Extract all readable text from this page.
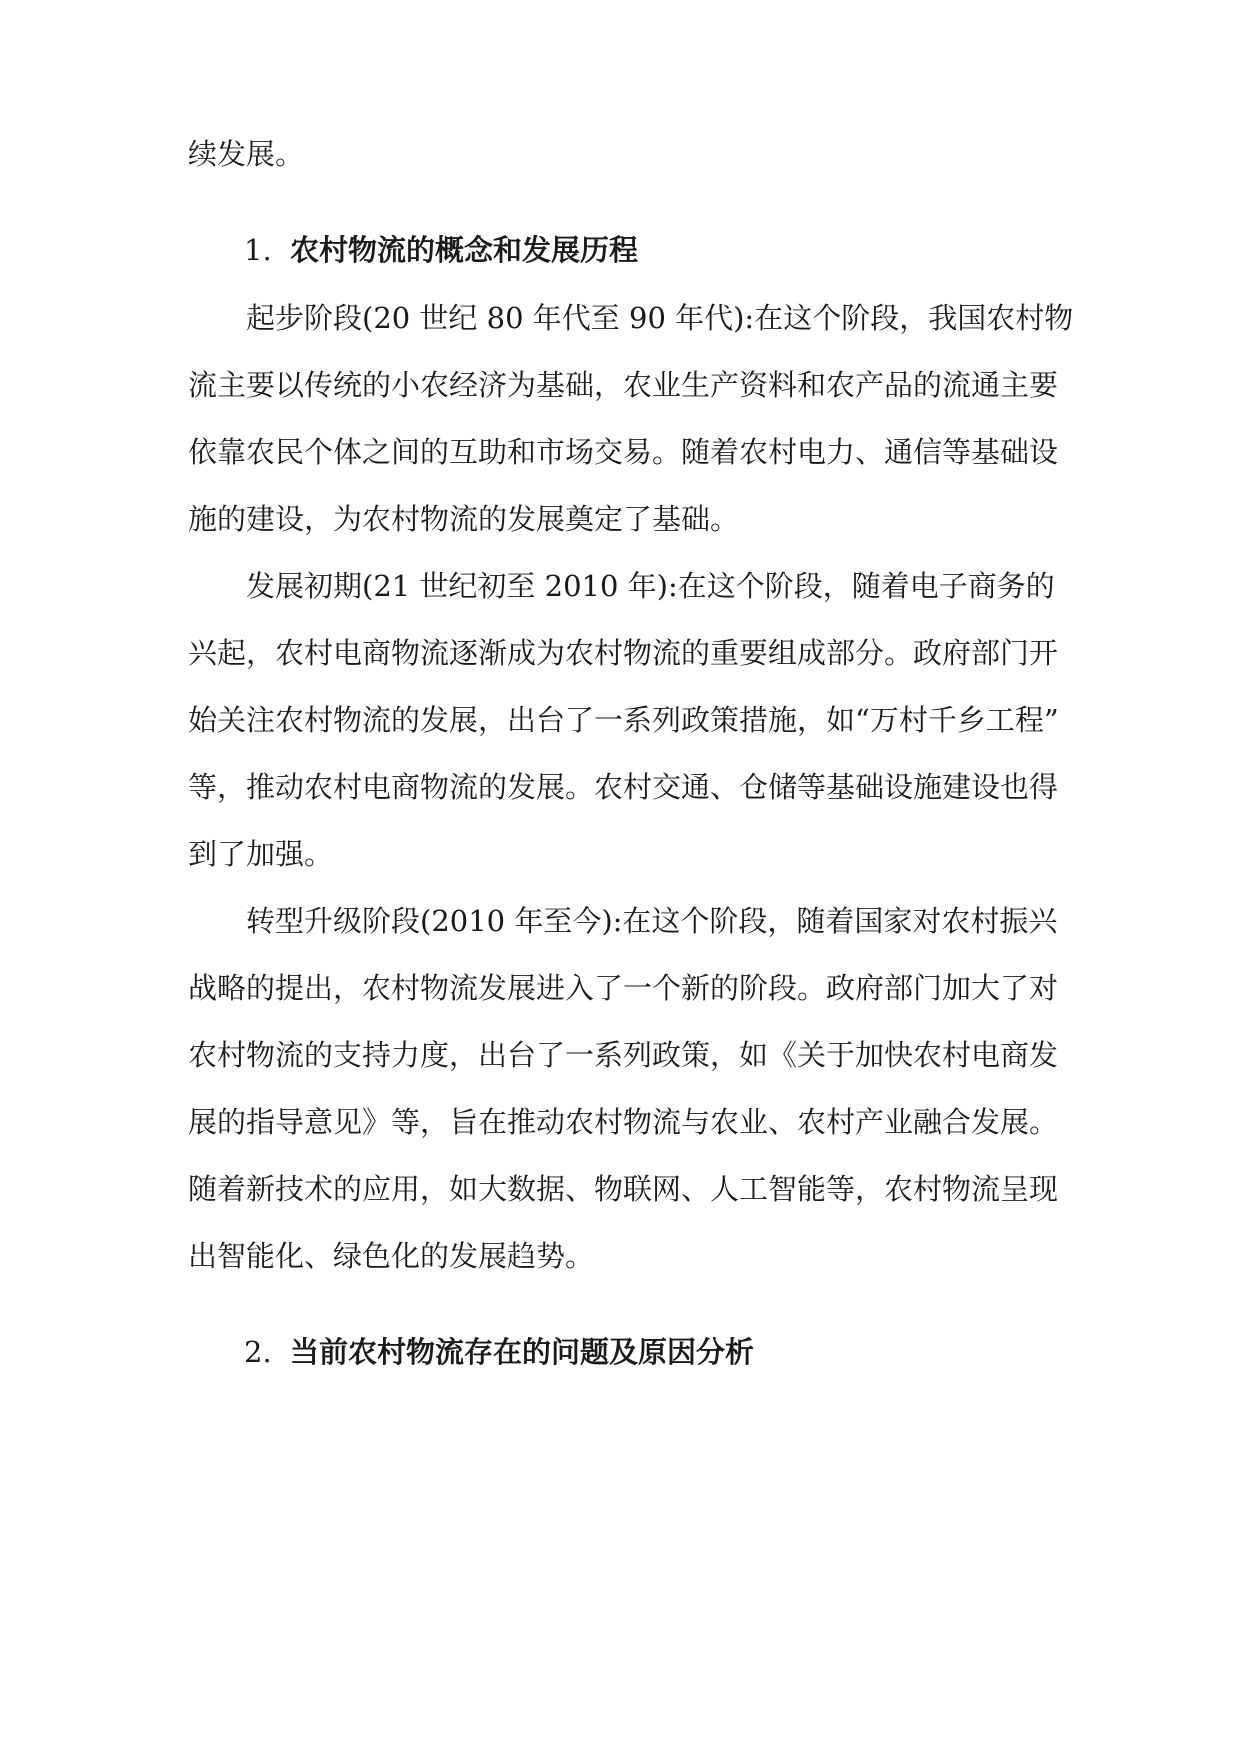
续发展。
1. 农村物流的概念和发展历程
起步阶段(20 世纪 80 年代至 90 年代):在这个阶段，我国农村物
流主要以传统的小农经济为基础，农业生产资料和农产品的流通主要
依靠农民个体之间的互助和市场交易。随着农村电力、通信等基础设
施的建设，为农村物流的发展奠定了基础。
发展初期(21 世纪初至 2010 年):在这个阶段，随着电子商务的
兴起，农村电商物流逐渐成为农村物流的重要组成部分。政府部门开
始关注农村物流的发展，出台了一系列政策措施，如“万村千乡工程”
等，推动农村电商物流的发展。农村交通、仓储等基础设施建设也得
到了加强。
转型升级阶段(2010 年至今):在这个阶段，随着国家对农村振兴
战略的提出，农村物流发展进入了一个新的阶段。政府部门加大了对
农村物流的支持力度，出台了一系列政策，如《关于加快农村电商发
展的指导意见》等，旨在推动农村物流与农业、农村产业融合发展。
随着新技术的应用，如大数据、物联网、人工智能等，农村物流呈现
出智能化、绿色化的发展趋势。
2. 当前农村物流存在的问题及原因分析
